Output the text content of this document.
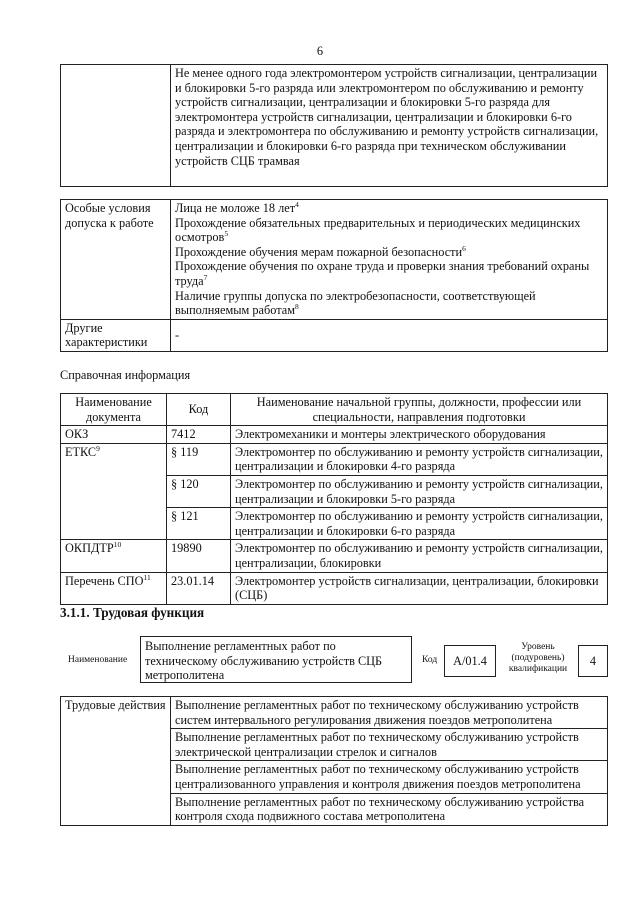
6
	Не менее одного года электромонтером устройств сигнализации, централизации и блокировки 5-го разряда или электромонтером по обслуживанию и ремонту устройств сигнализации, централизации и блокировки 5-го разряда для электромонтера устройств сигнализации, централизации и блокировки 6-го разряда и электромонтера по обслуживанию и ремонту устройств сигнализации, централизации и блокировки 6-го разряда при техническом обслуживании устройств СЦБ трамвая
Особые условия допуска к работе	Лица не моложе 18 лет$^4$
Прохождение обязательных предварительных и периодических медицинских осмотров$^5$
Прохождение обучения мерам пожарной безопасности$^6$
Прохождение обучения по охране труда и проверки знания требований охраны труда$^7$
Наличие группы допуска по электробезопасности, соответствующей выполняемым работам$^8$

Другие характеристики	-
Справочная информация
Наименование документа	Код	Наименование начальной группы, должности, профессии или специальности, направления подготовки
ОКЗ	7412	Электромеханики и монтеры электрического оборудования
ЕТКС$^9$	§ 119	Электромонтер по обслуживанию и ремонту устройств сигнализации, централизации и блокировки 4-го разряда
	§ 120	Электромонтер по обслуживанию и ремонту устройств сигнализации, централизации и блокировки 5-го разряда
	§ 121	Электромонтер по обслуживанию и ремонту устройств сигнализации, централизации и блокировки 6-го разряда
ОКПДТР$^{10}$	19890	Электромонтер по обслуживанию и ремонту устройств сигнализации, централизации, блокировки
Перечень СПО$^{11}$	23.01.14	Электромонтер устройств сигнализации, централизации, блокировки (СЦБ)
3.1.1. Трудовая функция
Наименование
Выполнение регламентных работ по техническому обслуживанию устройств СЦБ метрополитена
Код	А/01.4
Уровень (подуровень) квалификации
4
Трудовые действия	Выполнение регламентных работ по техническому обслуживанию устройств систем интервального регулирования движения поездов метрополитена
Выполнение регламентных работ по техническому обслуживанию устройств электрической централизации стрелок и сигналов
Выполнение регламентных работ по техническому обслуживанию устройств централизованного управления и контроля движения поездов метрополитена
Выполнение регламентных работ по техническому обслуживанию устройства контроля схода подвижного состава метрополитена
